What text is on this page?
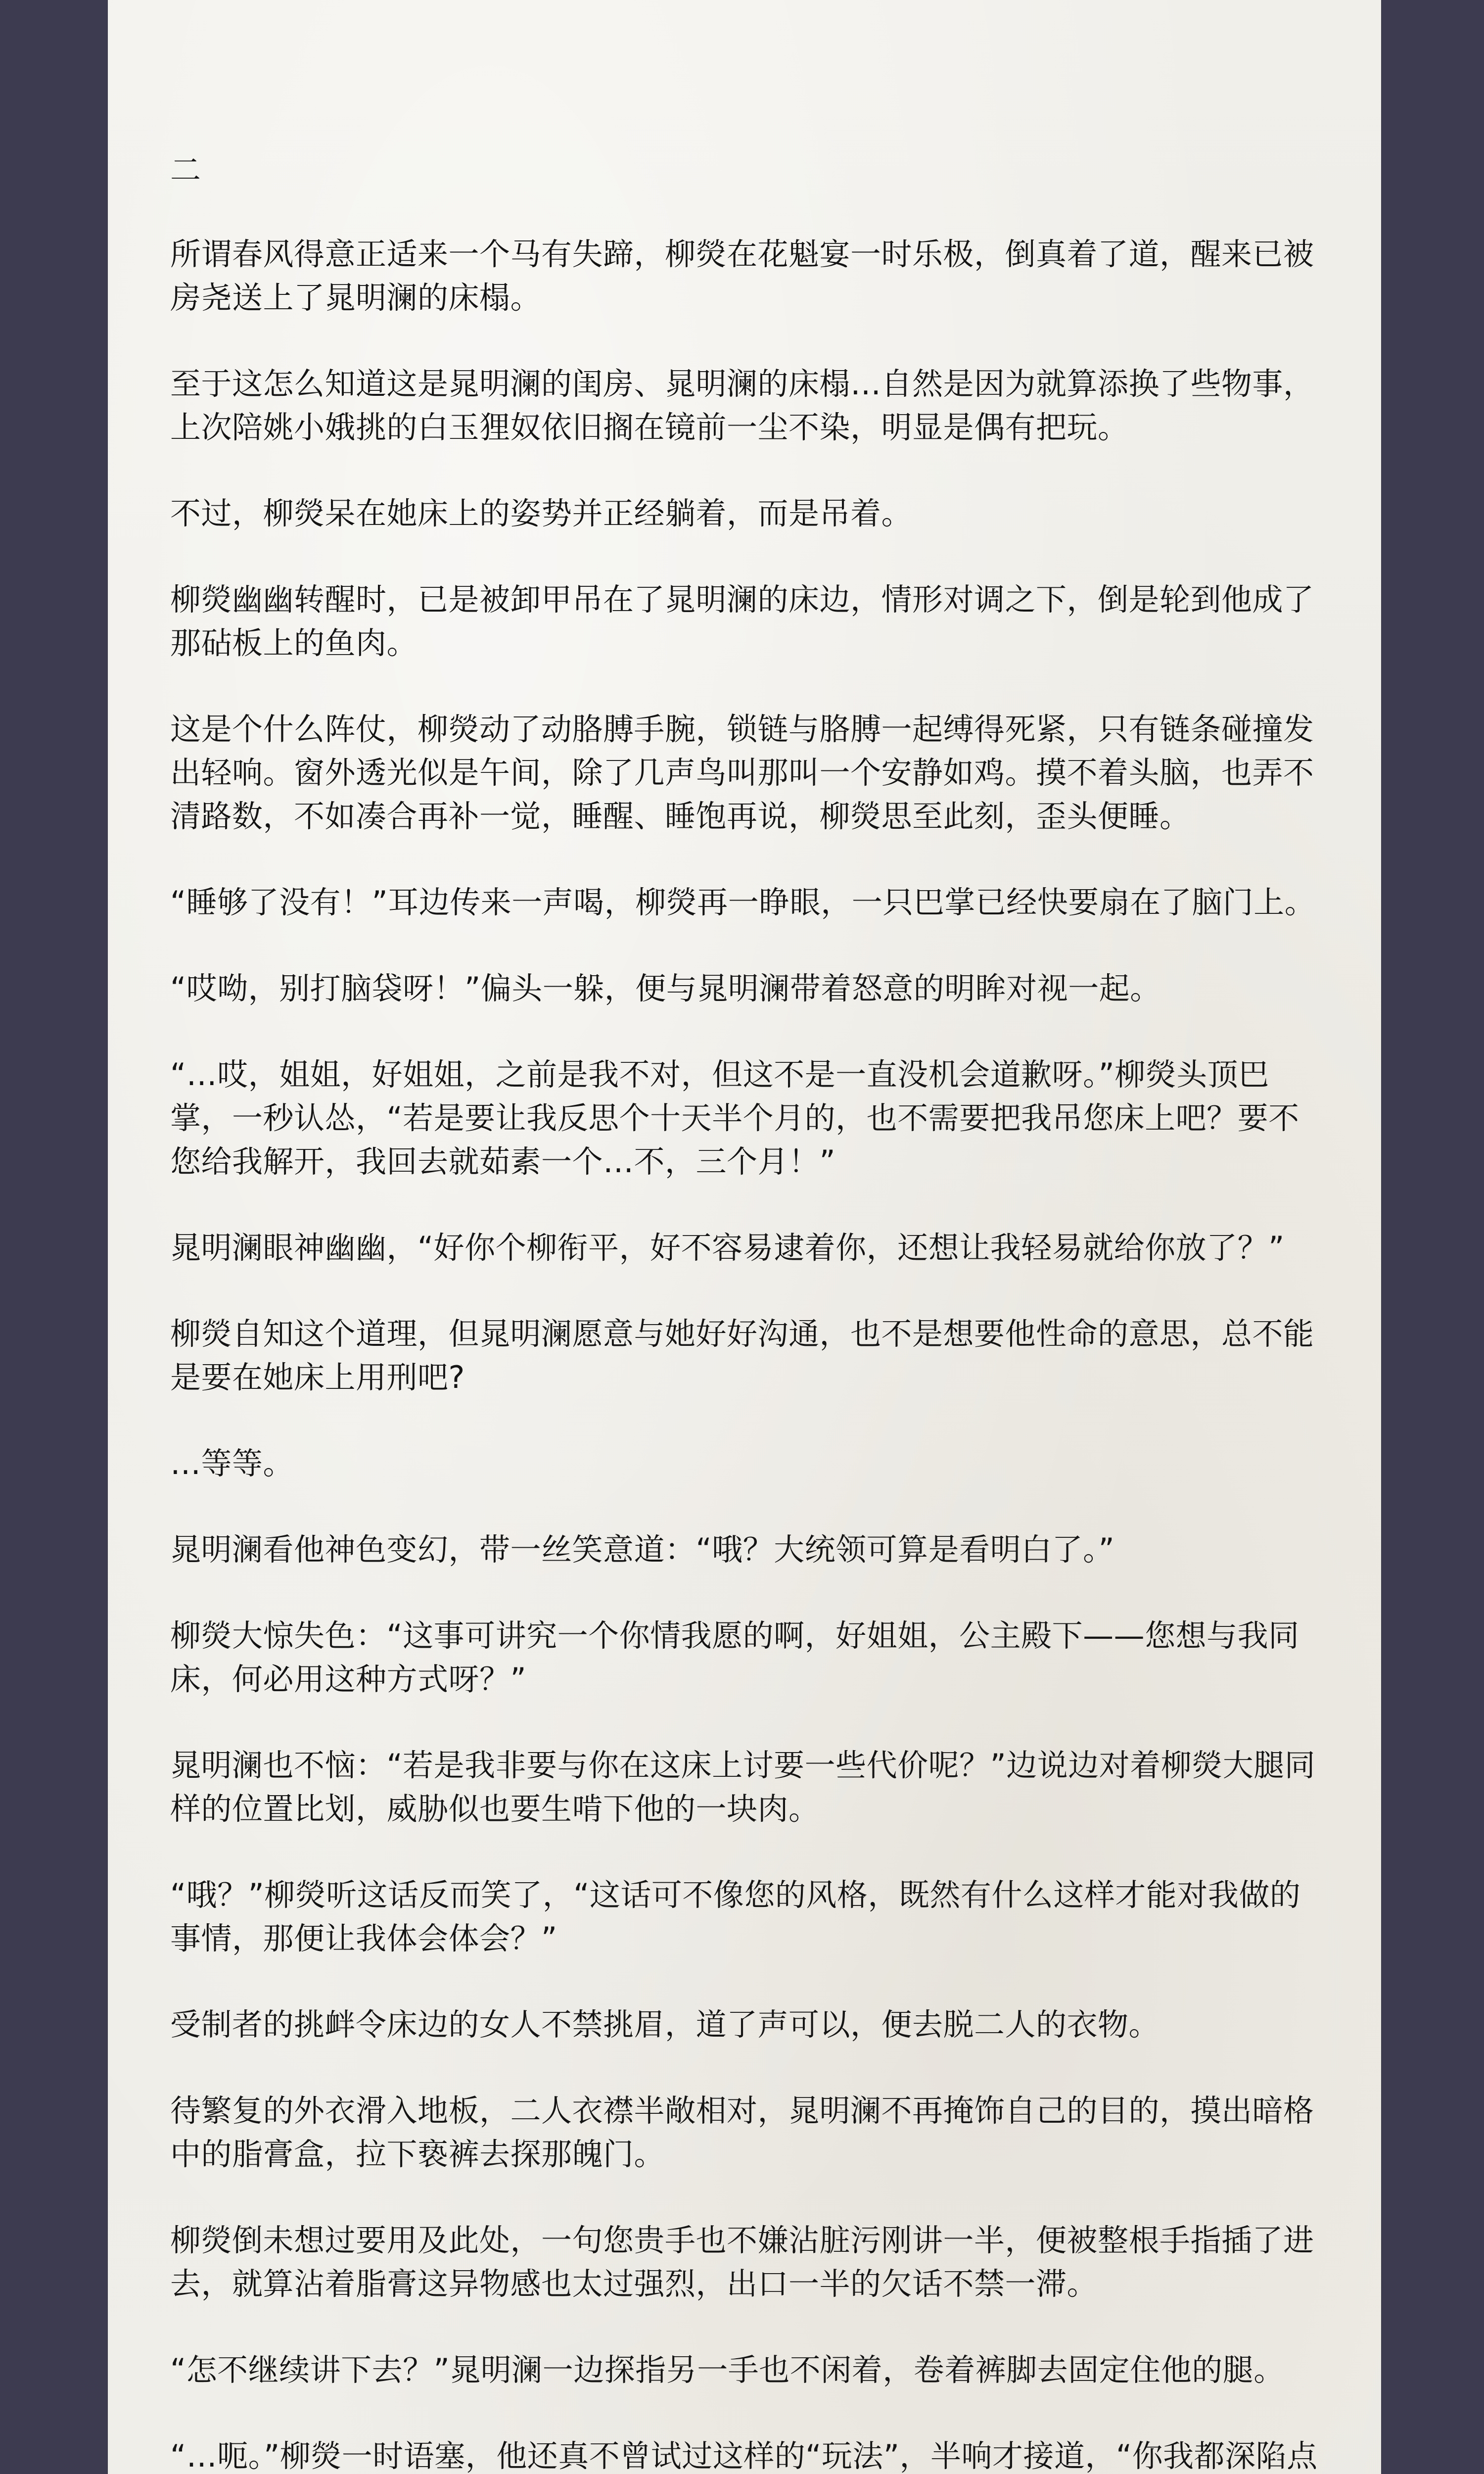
二

所谓春风得意正适来一个马有失蹄，柳熒在花魁宴一时乐极，倒真着了道，醒来已被房尧送上了晁明澜的床榻。

至于这怎么知道这是晁明澜的闺房、晁明澜的床榻…自然是因为就算添换了些物事，上次陪姚小娥挑的白玉狸奴依旧搁在镜前一尘不染，明显是偶有把玩。

不过，柳熒呆在她床上的姿势并正经躺着，而是吊着。

柳熒幽幽转醒时，已是被卸甲吊在了晁明澜的床边，情形对调之下，倒是轮到他成了那砧板上的鱼肉。

这是个什么阵仗，柳熒动了动胳膊手腕，锁链与胳膊一起缚得死紧，只有链条碰撞发出轻响。窗外透光似是午间，除了几声鸟叫那叫一个安静如鸡。摸不着头脑，也弄不清路数，不如凑合再补一觉，睡醒、睡饱再说，柳熒思至此刻，歪头便睡。

“睡够了没有！”耳边传来一声喝，柳熒再一睁眼，一只巴掌已经快要扇在了脑门上。

“哎呦，别打脑袋呀！”偏头一躲，便与晁明澜带着怒意的明眸对视一起。

“…哎，姐姐，好姐姐，之前是我不对，但这不是一直没机会道歉呀。”柳熒头顶巴掌，一秒认怂，“若是要让我反思个十天半个月的，也不需要把我吊您床上吧？要不您给我解开，我回去就茹素一个…不，三个月！”

晁明澜眼神幽幽，“好你个柳衔平，好不容易逮着你，还想让我轻易就给你放了？”

柳熒自知这个道理，但晁明澜愿意与她好好沟通，也不是想要他性命的意思，总不能是要在她床上用刑吧?

…等等。

晁明澜看他神色变幻，带一丝笑意道：“哦？大统领可算是看明白了。”

柳熒大惊失色：“这事可讲究一个你情我愿的啊，好姐姐，公主殿下——您想与我同床，何必用这种方式呀？”

晁明澜也不恼：“若是我非要与你在这床上讨要一些代价呢？”边说边对着柳熒大腿同样的位置比划，威胁似也要生啃下他的一块肉。

“哦？”柳熒听这话反而笑了，“这话可不像您的风格，既然有什么这样才能对我做的事情，那便让我体会体会？”

受制者的挑衅令床边的女人不禁挑眉，道了声可以，便去脱二人的衣物。

待繁复的外衣滑入地板，二人衣襟半敞相对，晁明澜不再掩饰自己的目的，摸出暗格中的脂膏盒，拉下亵裤去探那魄门。

柳熒倒未想过要用及此处，一句您贵手也不嫌沾脏污刚讲一半，便被整根手指插了进去，就算沾着脂膏这异物感也太过强烈，出口一半的欠话不禁一滞。

“怎不继续讲下去？”晁明澜一边探指另一手也不闲着，卷着裤脚去固定住他的腿。

“…呃。”柳熒一时语塞，他还真不曾试过这样的“玩法”，半响才接道，“你我都深陷点
